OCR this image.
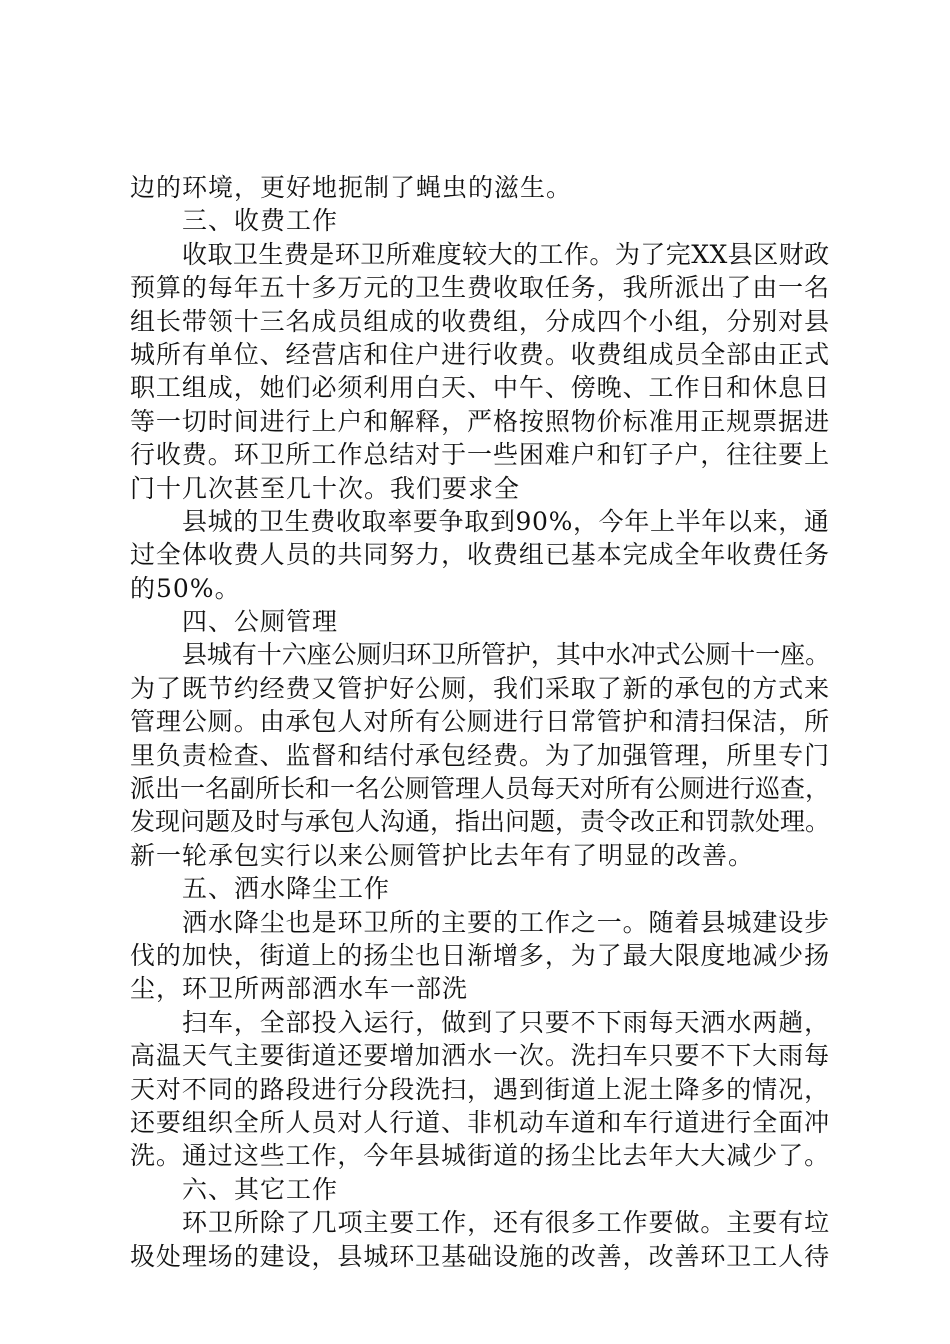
边的环境，更好地扼制了蝇虫的滋生。
三、收费工作
收取卫生费是环卫所难度较大的工作。为了完XX县区财政
预算的每年五十多万元的卫生费收取任务，我所派出了由一名
组长带领十三名成员组成的收费组，分成四个小组，分别对县
城所有单位、经营店和住户进行收费。收费组成员全部由正式
职工组成，她们必须利用白天、中午、傍晚、工作日和休息日
等一切时间进行上户和解释，严格按照物价标准用正规票据进
行收费。环卫所工作总结对于一些困难户和钉子户，往往要上
门十几次甚至几十次。我们要求全
县城的卫生费收取率要争取到90%，今年上半年以来，通
过全体收费人员的共同努力，收费组已基本完成全年收费任务
的50%。
四、公厕管理
县城有十六座公厕归环卫所管护，其中水冲式公厕十一座。
为了既节约经费又管护好公厕，我们采取了新的承包的方式来
管理公厕。由承包人对所有公厕进行日常管护和清扫保洁，所
里负责检查、监督和结付承包经费。为了加强管理，所里专门
派出一名副所长和一名公厕管理人员每天对所有公厕进行巡查，
发现问题及时与承包人沟通，指出问题，责令改正和罚款处理。
新一轮承包实行以来公厕管护比去年有了明显的改善。
五、洒水降尘工作
洒水降尘也是环卫所的主要的工作之一。随着县城建设步
伐的加快，街道上的扬尘也日渐增多，为了最大限度地减少扬
尘，环卫所两部洒水车一部洗
扫车，全部投入运行，做到了只要不下雨每天洒水两趟，
高温天气主要街道还要增加洒水一次。洗扫车只要不下大雨每
天对不同的路段进行分段洗扫，遇到街道上泥土降多的情况，
还要组织全所人员对人行道、非机动车道和车行道进行全面冲
洗。通过这些工作，今年县城街道的扬尘比去年大大减少了。
六、其它工作
环卫所除了几项主要工作，还有很多工作要做。主要有垃
圾处理场的建设，县城环卫基础设施的改善，改善环卫工人待
